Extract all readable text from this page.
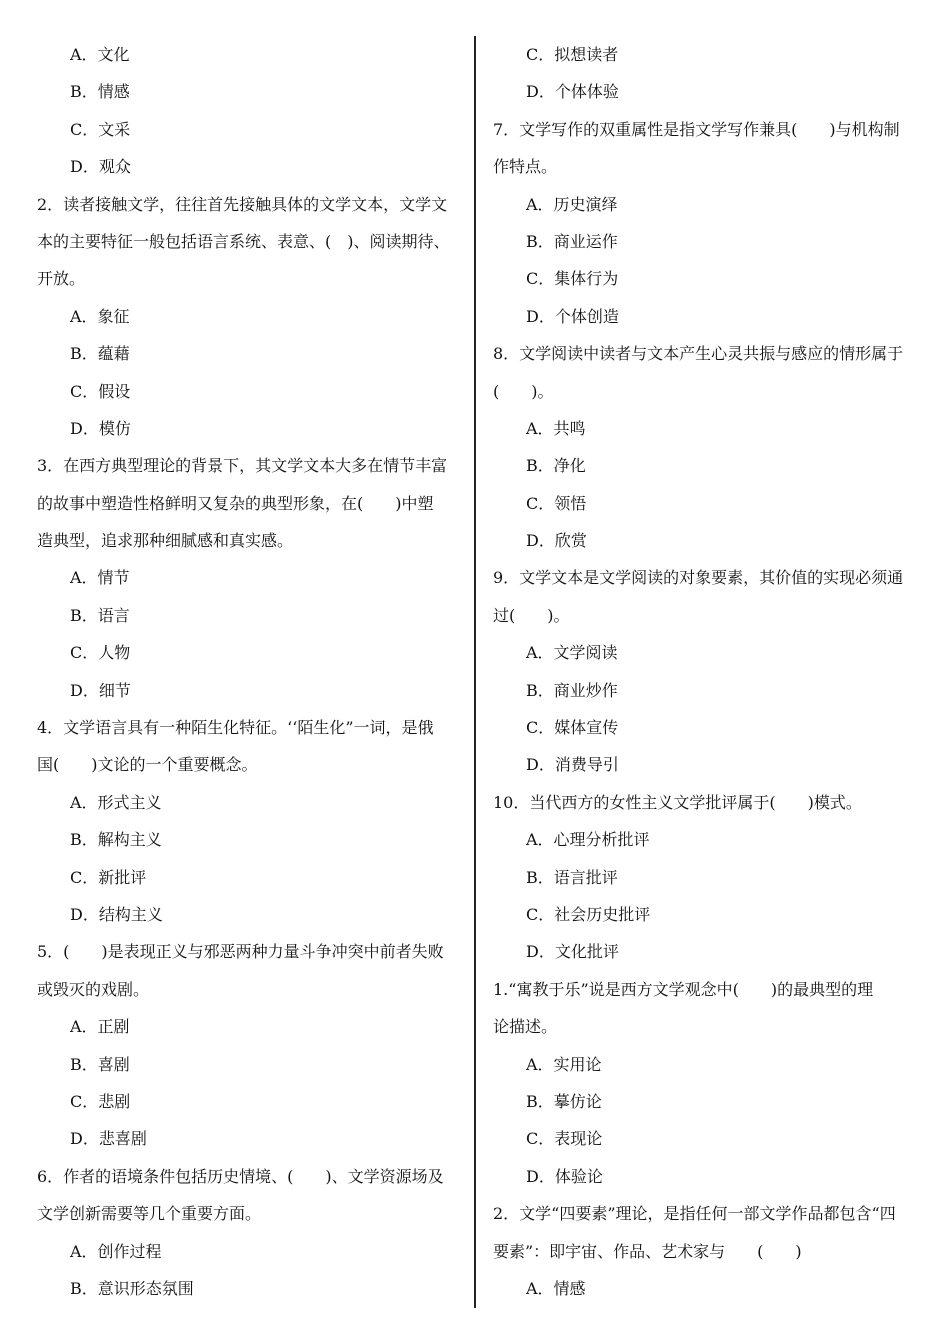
A．文化
B．情感
C．文采
D．观众
2．读者接触文学，往往首先接触具体的文学文本，文学文
本的主要特征一般包括语言系统、表意、(　)、阅读期待、
开放。
A．象征
B．蕴藉
C．假设
D．模仿
3．在西方典型理论的背景下，其文学文本大多在情节丰富
的故事中塑造性格鲜明又复杂的典型形象，在(　　)中塑
造典型，追求那种细腻感和真实感。
A．情节
B．语言
C．人物
D．细节
4．文学语言具有一种陌生化特征。‘‘陌生化”一词，是俄
国(　　)文论的一个重要概念。
A．形式主义
B．解构主义
C．新批评
D．结构主义
5．(　　)是表现正义与邪恶两种力量斗争冲突中前者失败
或毁灭的戏剧。
A．正剧
B．喜剧
C．悲剧
D．悲喜剧
6．作者的语境条件包括历史情境、(　　)、文学资源场及
文学创新需要等几个重要方面。
A．创作过程
B．意识形态氛围
C．拟想读者
D．个体体验
7．文学写作的双重属性是指文学写作兼具(　　)与机构制
作特点。
A．历史演绎
B．商业运作
C．集体行为
D．个体创造
8．文学阅读中读者与文本产生心灵共振与感应的情形属于
(　　)。
A．共鸣
B．净化
C．领悟
D．欣赏
9．文学文本是文学阅读的对象要素，其价值的实现必须通
过(　　)。
A．文学阅读
B．商业炒作
C．媒体宣传
D．消费导引
10．当代西方的女性主义文学批评属于(　　)模式。
A．心理分析批评
B．语言批评
C．社会历史批评
D．文化批评
1.“寓教于乐”说是西方文学观念中(　　)的最典型的理
论描述。
A．实用论
B．摹仿论
C．表现论
D．体验论
2．文学“四要素”理论，是指任何一部文学作品都包含“四
要素”：即宇宙、作品、艺术家与　　(　　)
A．情感
